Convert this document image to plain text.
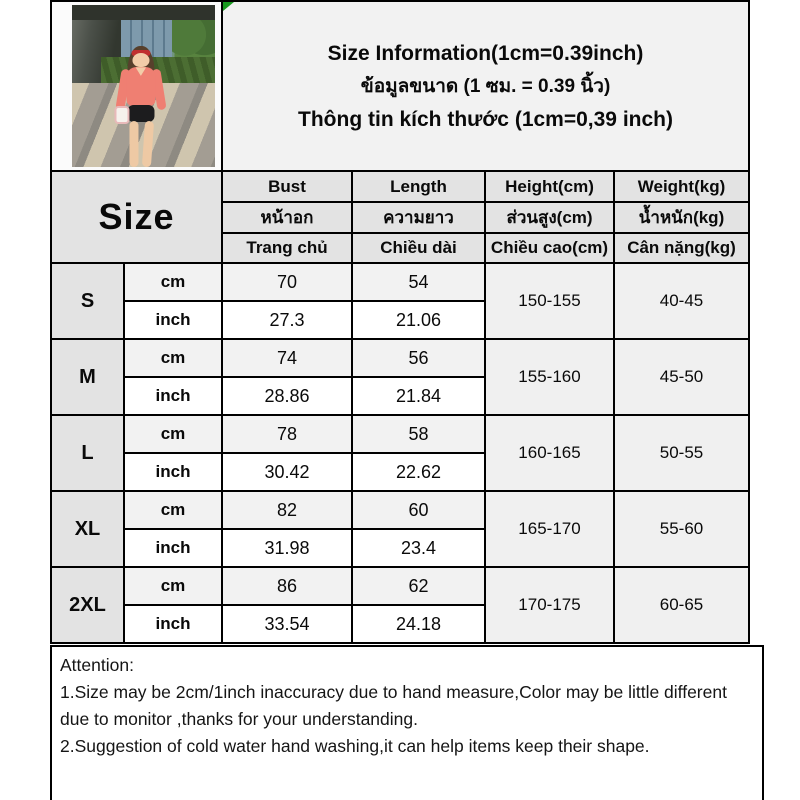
		Size Information(1cm=0.39inch)
ข้อมูลขนาด (1 ซม. = 0.39 นิ้ว)
Thông tin kích thước (1cm=0,39 inch)			

Size		Bust	Length	Height(cm)	Weight(kg)
		หน้าอก	ความยาว	ส่วนสูง(cm)	น้ำหนัก(kg)
		Trang chủ	Chiều dài	Chiều cao(cm)	Cân nặng(kg)
S	cm	70	54	150-155	40-45
	inch	27.3	21.06		
M	cm	74	56	155-160	45-50
	inch	28.86	21.84		
L	cm	78	58	160-165	50-55
	inch	30.42	22.62		
XL	cm	82	60	165-170	55-60
	inch	31.98	23.4		
2XL	cm	86	62	170-175	60-65
	inch	33.54	24.18		

Attention:

1.Size may be 2cm/1inch inaccuracy due to hand measure,Color may be little different due to monitor ,thanks for your understanding.

2.Suggestion of cold water hand washing,it can help items keep their shape.
